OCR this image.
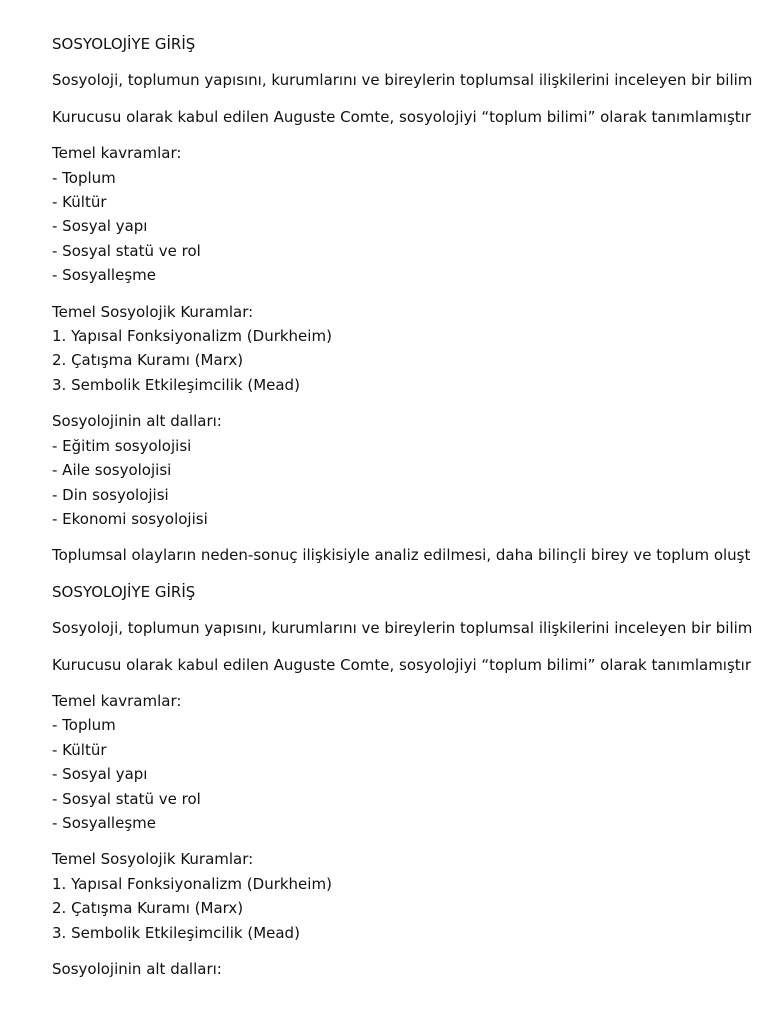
SOSYOLOJİYE GİRİŞ
Sosyoloji, toplumun yapısını, kurumlarını ve bireylerin toplumsal ilişkilerini inceleyen bir bilim
Kurucusu olarak kabul edilen Auguste Comte, sosyolojiyi “toplum bilimi” olarak tanımlamıştır
Temel kavramlar:
- Toplum
- Kültür
- Sosyal yapı
- Sosyal statü ve rol
- Sosyalleşme
Temel Sosyolojik Kuramlar:
1. Yapısal Fonksiyonalizm (Durkheim)
2. Çatışma Kuramı (Marx)
3. Sembolik Etkileşimcilik (Mead)
Sosyolojinin alt dalları:
- Eğitim sosyolojisi
- Aile sosyolojisi
- Din sosyolojisi
- Ekonomi sosyolojisi
Toplumsal olayların neden-sonuç ilişkisiyle analiz edilmesi, daha bilinçli birey ve toplum oluşt
SOSYOLOJİYE GİRİŞ
Sosyoloji, toplumun yapısını, kurumlarını ve bireylerin toplumsal ilişkilerini inceleyen bir bilim
Kurucusu olarak kabul edilen Auguste Comte, sosyolojiyi “toplum bilimi” olarak tanımlamıştır
Temel kavramlar:
- Toplum
- Kültür
- Sosyal yapı
- Sosyal statü ve rol
- Sosyalleşme
Temel Sosyolojik Kuramlar:
1. Yapısal Fonksiyonalizm (Durkheim)
2. Çatışma Kuramı (Marx)
3. Sembolik Etkileşimcilik (Mead)
Sosyolojinin alt dalları:
